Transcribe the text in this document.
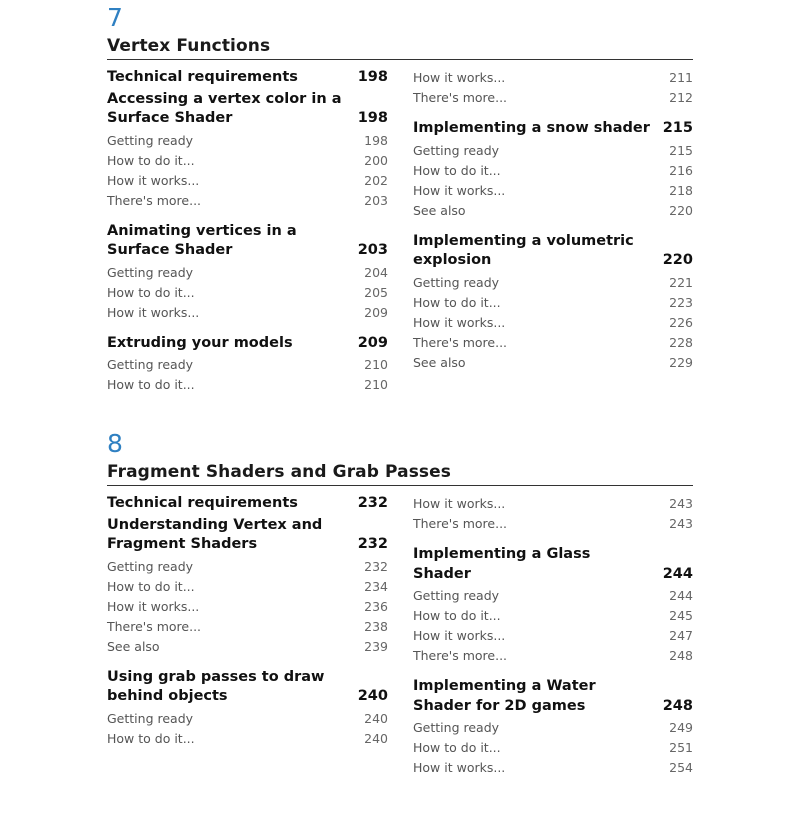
7
Vertex Functions
Technical requirements	198
Accessing a vertex color in a Surface Shader	198
Getting ready	198
How to do it...	200
How it works...	202
There's more...	203
Animating vertices in a Surface Shader	203
Getting ready	204
How to do it...	205
How it works...	209
Extruding your models	209
Getting ready	210
How to do it...	210
How it works...	211
There's more...	212
Implementing a snow shader 215
Getting ready	215
How to do it...	216
How it works...	218
See also	220
Implementing a volumetric explosion	220
Getting ready	221
How to do it...	223
How it works...	226
There's more...	228
See also	229
8
Fragment Shaders and Grab Passes
Technical requirements	232
Understanding Vertex and Fragment Shaders	232
Getting ready	232
How to do it...	234
How it works...	236
There's more...	238
See also	239
Using grab passes to draw behind objects	240
Getting ready	240
How to do it...	240
How it works...	243
There's more...	243
Implementing a Glass Shader	244
Getting ready	244
How to do it...	245
How it works...	247
There's more...	248
Implementing a Water Shader for 2D games	248
Getting ready	249
How to do it...	251
How it works...	254
